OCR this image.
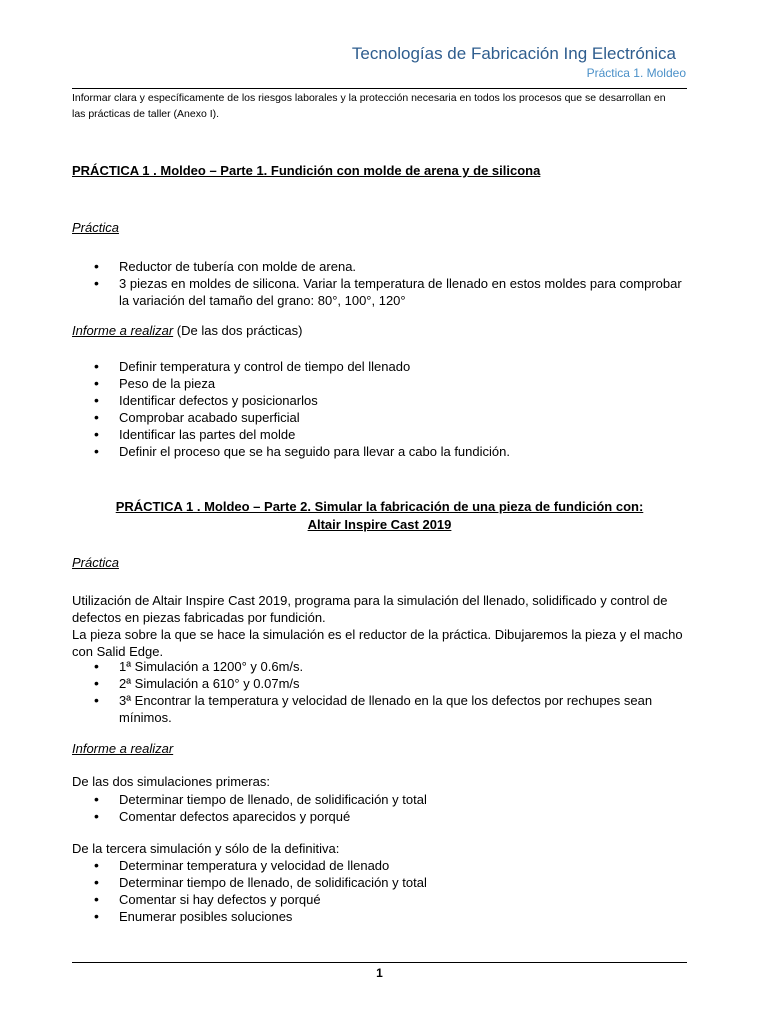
Tecnologías de Fabricación Ing Electrónica
Práctica 1. Moldeo
Informar clara y específicamente de los riesgos laborales y la protección necesaria en todos los procesos que se desarrollan en las prácticas de taller (Anexo I).
PRÁCTICA 1 . Moldeo – Parte 1. Fundición con molde de arena y de silicona
Práctica
• Reductor de tubería con molde de arena.
• 3 piezas en moldes de silicona. Variar la temperatura de llenado en estos moldes para comprobar la variación del tamaño del grano: 80°, 100°, 120°
Informe a realizar (De las dos prácticas)
• Definir temperatura y control de tiempo del llenado
• Peso de la pieza
• Identificar defectos y posicionarlos
• Comprobar acabado superficial
• Identificar las partes del molde
• Definir el proceso que se ha seguido para llevar a cabo la fundición.
PRÁCTICA 1 . Moldeo – Parte 2. Simular la fabricación de una pieza de fundición con:
Altair Inspire Cast 2019
Práctica
Utilización de Altair Inspire Cast 2019, programa para la simulación del llenado, solidificado y control de defectos en piezas fabricadas por fundición.
La pieza sobre la que se hace la simulación es el reductor de la práctica. Dibujaremos la pieza y el macho con Salid Edge.
• 1ª Simulación a 1200° y 0.6m/s.
• 2ª Simulación a 610° y 0.07m/s
• 3ª Encontrar la temperatura y velocidad de llenado en la que los defectos por rechupes sean mínimos.
Informe a realizar
De las dos simulaciones primeras:
• Determinar tiempo de llenado, de solidificación y total
• Comentar defectos aparecidos y porqué
De la tercera simulación y sólo de la definitiva:
• Determinar temperatura y velocidad de llenado
• Determinar tiempo de llenado, de solidificación y total
• Comentar si hay defectos y porqué
• Enumerar posibles soluciones
1
